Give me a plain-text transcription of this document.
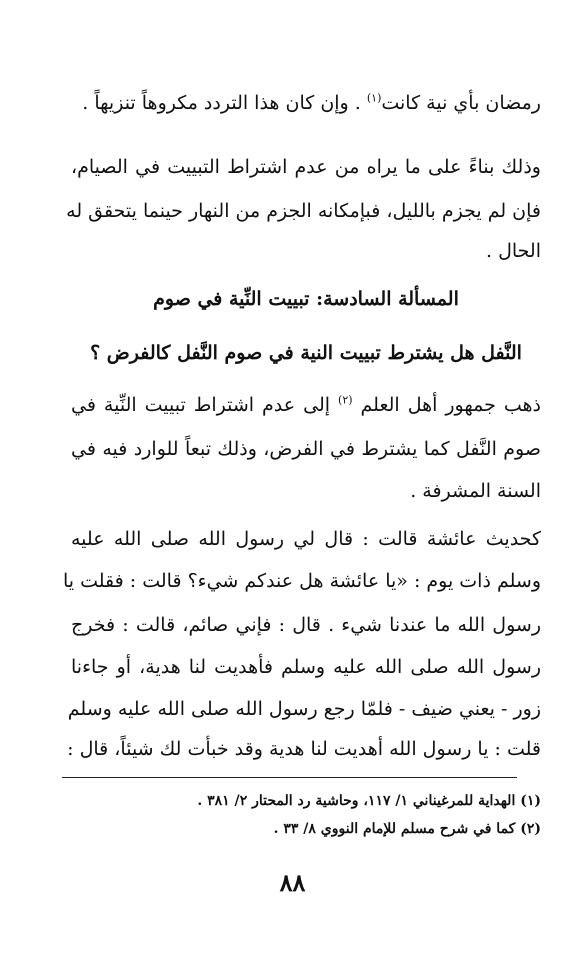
رمضان بأي نية كانت$^{(١)}$ . وإن كان هذا التردد مكروهاً تنزيهاً .

وذلك بناءً على ما يراه من عدم اشتراط التبييت في الصيام،

فإن لم يجزم بالليل، فبإمكانه الجزم من النهار حينما يتحقق له

الحال .

المسألة السادسة: تبييت النِّية في صوم

النَّفل هل يشترط تبييت النية في صوم النَّفل كالفرض ؟

ذهب جمهور أهل العلم $^{(٢)}$ إلى عدم اشتراط تبييت النِّية في

صوم النَّفل كما يشترط في الفرض، وذلك تبعاً للوارد فيه في

السنة المشرفة .

كحديث عائشة قالت : قال لي رسول الله صلى الله عليه

وسلم ذات يوم : «يا عائشة هل عندكم شيء؟ قالت : فقلت يا

رسول الله ما عندنا شيء . قال : فإني صائم، قالت : فخرج

رسول الله صلى الله عليه وسلم فأهديت لنا هدية، أو جاءنا

زور - يعني ضيف - فلمّا رجع رسول الله صلى الله عليه وسلم

قلت : يا رسول الله أهديت لنا هدية وقد خبأت لك شيئاً، قال :

(١) الهداية للمرغيناني ١/ ١١٧، وحاشية رد المحتار ٢/ ٣٨١ .

(٢) كما في شرح مسلم للإمام النووي ٨/ ٣٣ .

٨٨
